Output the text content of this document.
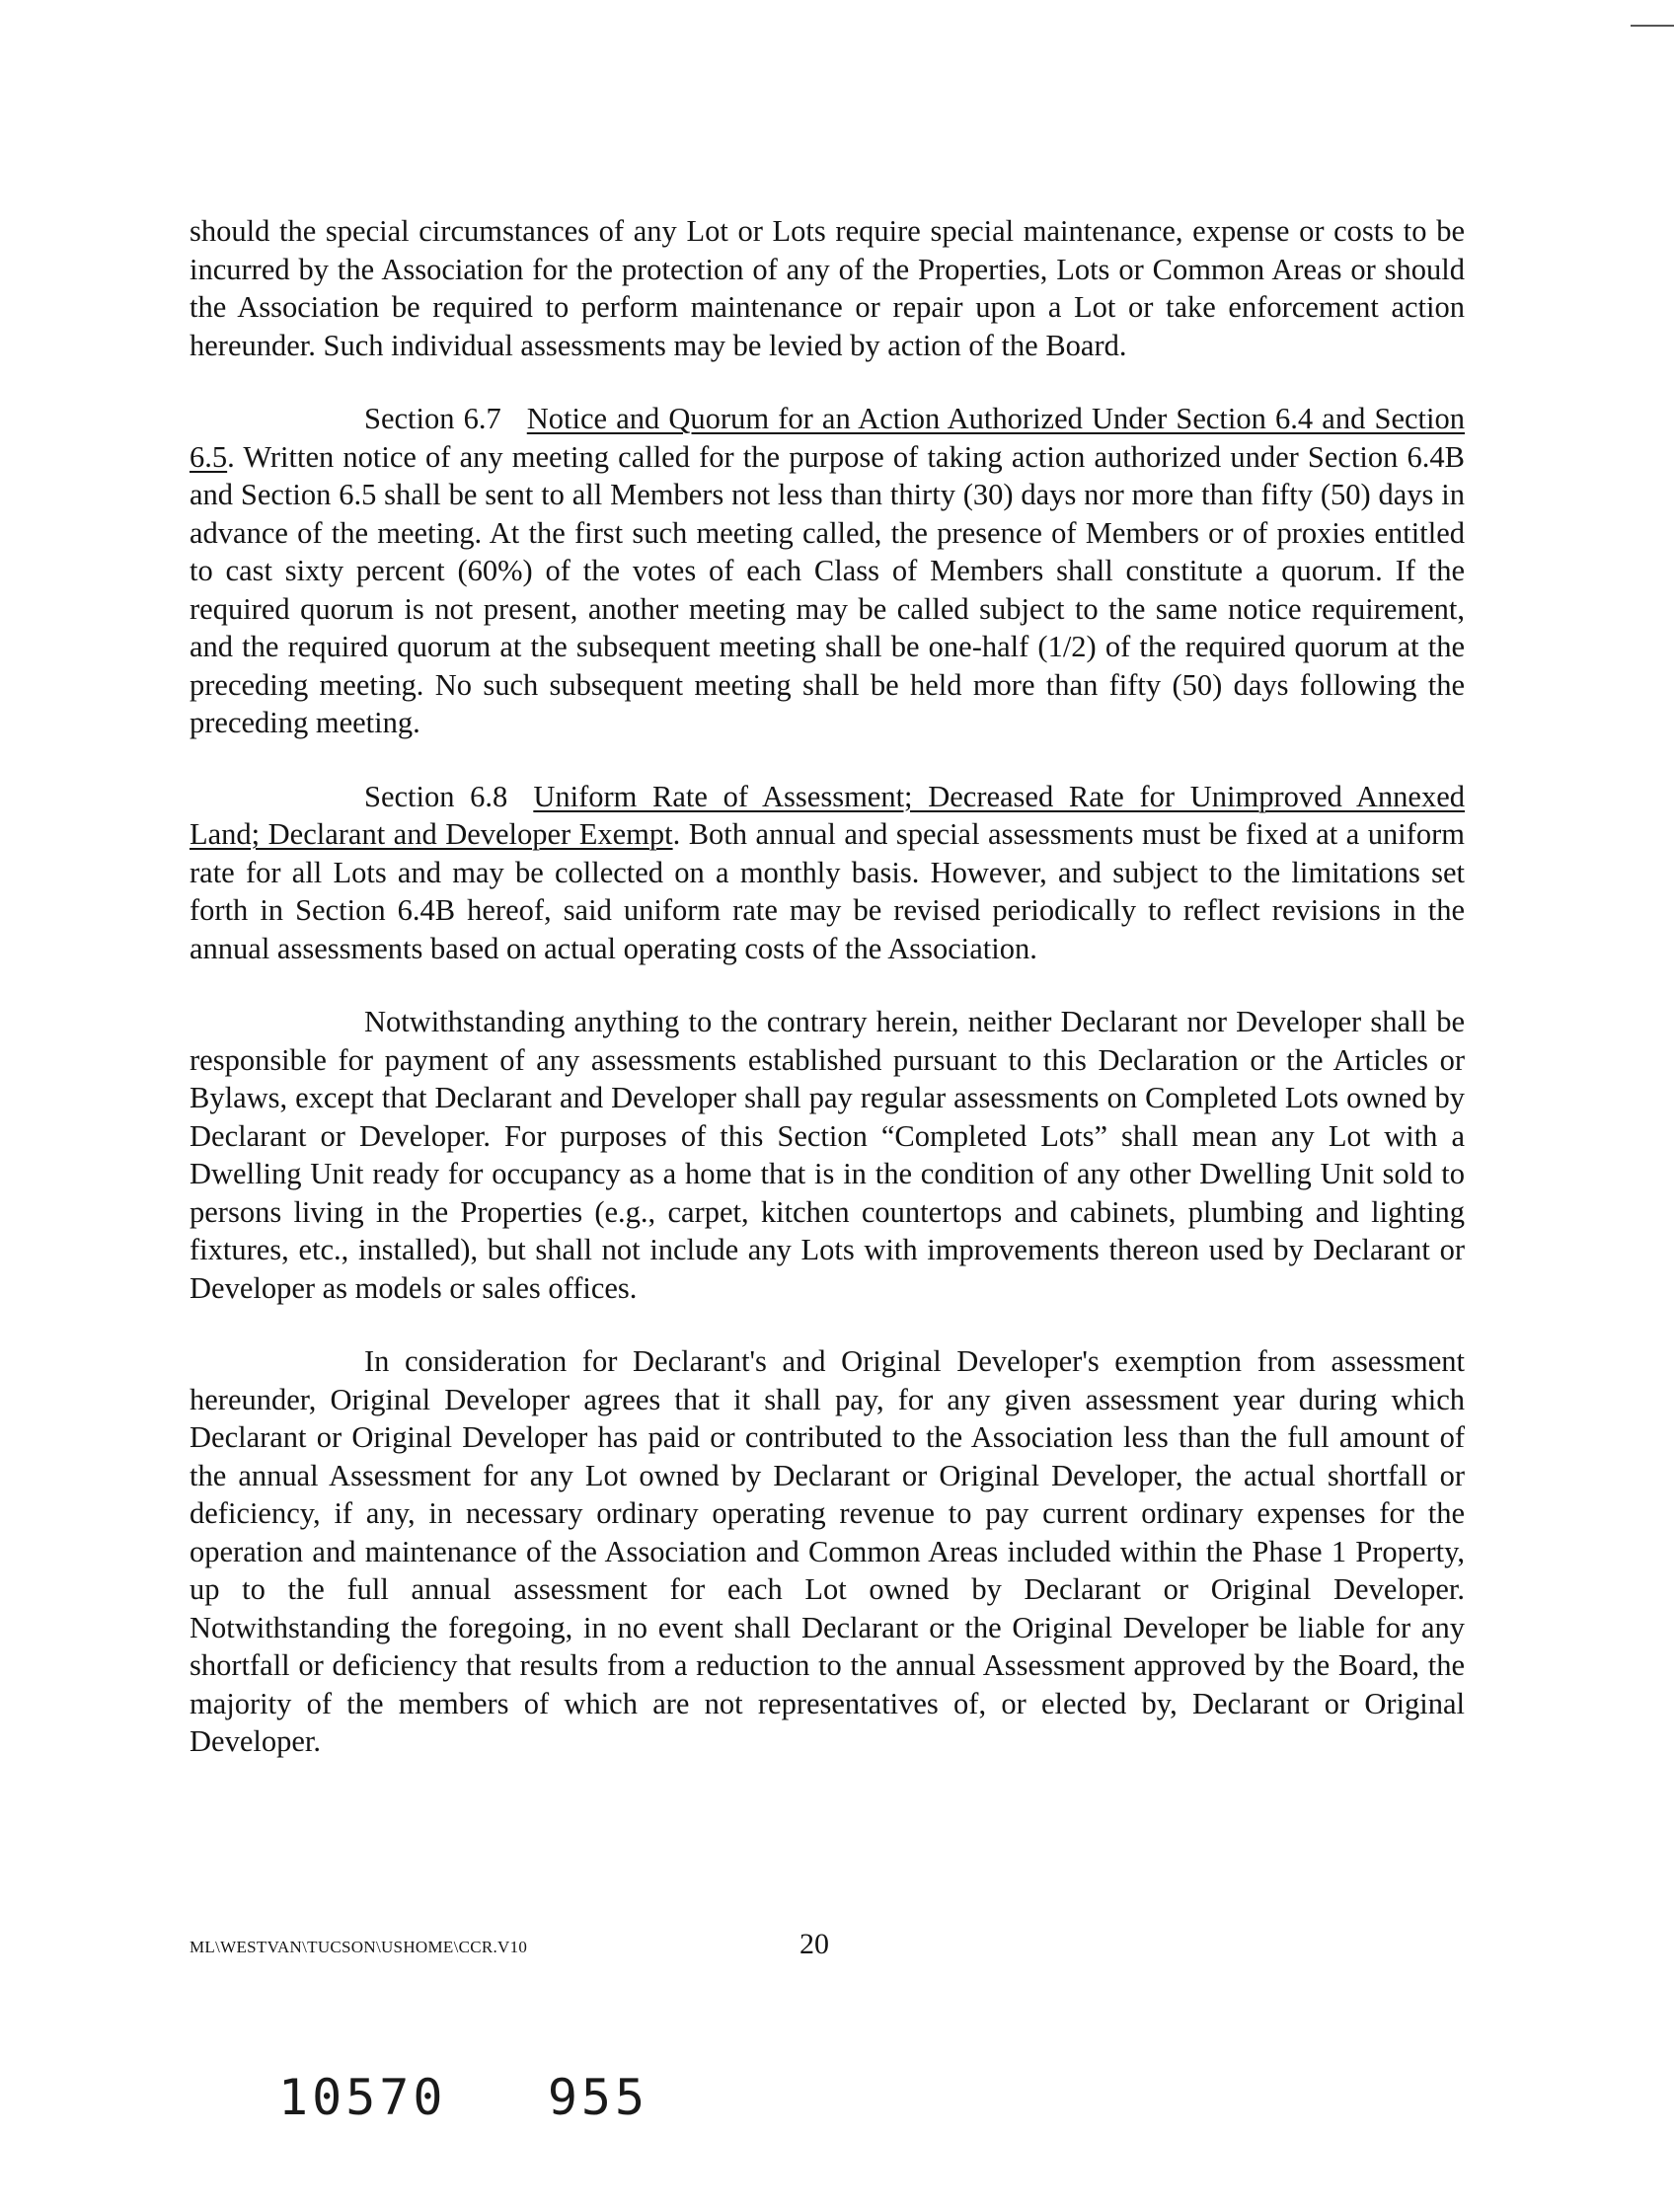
should the special circumstances of any Lot or Lots require special maintenance, expense or costs to be incurred by the Association for the protection of any of the Properties, Lots or Common Areas or should the Association be required to perform maintenance or repair upon a Lot or take enforcement action hereunder. Such individual assessments may be levied by action of the Board.

Section 6.7 Notice and Quorum for an Action Authorized Under Section 6.4 and Section 6.5. Written notice of any meeting called for the purpose of taking action authorized under Section 6.4B and Section 6.5 shall be sent to all Members not less than thirty (30) days nor more than fifty (50) days in advance of the meeting. At the first such meeting called, the presence of Members or of proxies entitled to cast sixty percent (60%) of the votes of each Class of Members shall constitute a quorum. If the required quorum is not present, another meeting may be called subject to the same notice requirement, and the required quorum at the subsequent meeting shall be one-half (1/2) of the required quorum at the preceding meeting. No such subsequent meeting shall be held more than fifty (50) days following the preceding meeting.

Section 6.8 Uniform Rate of Assessment; Decreased Rate for Unimproved Annexed Land; Declarant and Developer Exempt. Both annual and special assessments must be fixed at a uniform rate for all Lots and may be collected on a monthly basis. However, and subject to the limitations set forth in Section 6.4B hereof, said uniform rate may be revised periodically to reflect revisions in the annual assessments based on actual operating costs of the Association.

Notwithstanding anything to the contrary herein, neither Declarant nor Developer shall be responsible for payment of any assessments established pursuant to this Declaration or the Articles or Bylaws, except that Declarant and Developer shall pay regular assessments on Completed Lots owned by Declarant or Developer. For purposes of this Section “Completed Lots” shall mean any Lot with a Dwelling Unit ready for occupancy as a home that is in the condition of any other Dwelling Unit sold to persons living in the Properties (e.g., carpet, kitchen countertops and cabinets, plumbing and lighting fixtures, etc., installed), but shall not include any Lots with improvements thereon used by Declarant or Developer as models or sales offices.

In consideration for Declarant's and Original Developer's exemption from assessment hereunder, Original Developer agrees that it shall pay, for any given assessment year during which Declarant or Original Developer has paid or contributed to the Association less than the full amount of the annual Assessment for any Lot owned by Declarant or Original Developer, the actual shortfall or deficiency, if any, in necessary ordinary operating revenue to pay current ordinary expenses for the operation and maintenance of the Association and Common Areas included within the Phase 1 Property, up to the full annual assessment for each Lot owned by Declarant or Original Developer. Notwithstanding the foregoing, in no event shall Declarant or the Original Developer be liable for any shortfall or deficiency that results from a reduction to the annual Assessment approved by the Board, the majority of the members of which are not representatives of, or elected by, Declarant or Original Developer.

ML\WESTVAN\TUCSON\USHOME\CCR.V10	20
10570 955
